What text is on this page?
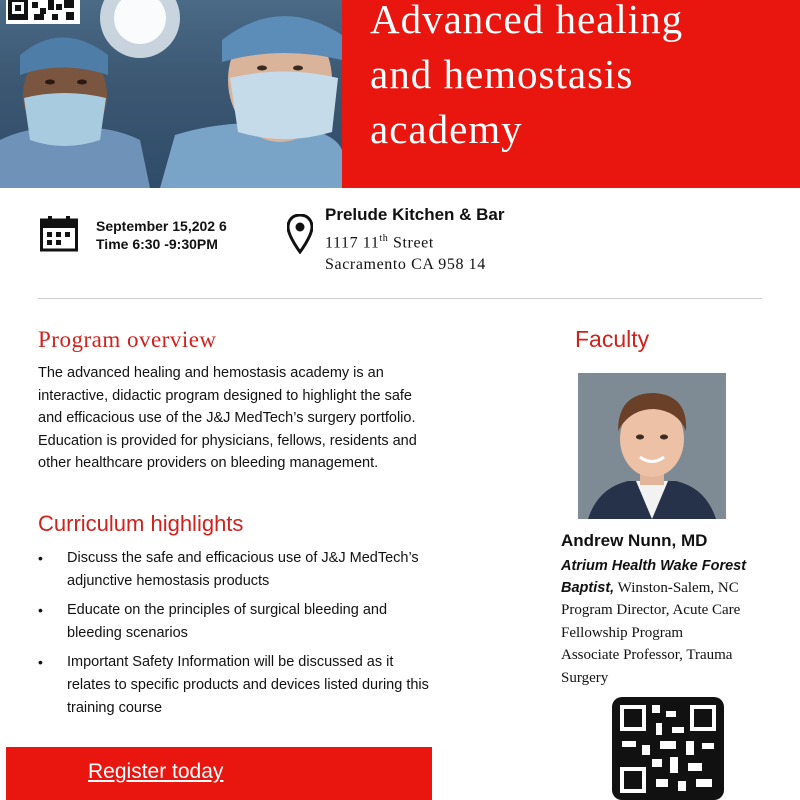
Advanced healing
and hemostasis
academy
September 15,202 6
Time 6:30 -9:30PM
Prelude Kitchen & Bar
1117 11th Street
Sacramento CA 958 14
Program overview
The advanced healing and hemostasis academy is an interactive, didactic program designed to highlight the safe and efficacious use of the J&J MedTech’s surgery portfolio. Education is provided for physicians, fellows, residents and other healthcare providers on bleeding management.
Curriculum highlights
• Discuss the safe and efficacious use of J&J MedTech’s adjunctive hemostasis products
• Educate on the principles of surgical bleeding and bleeding scenarios
• Important Safety Information will be discussed as it relates to specific products and devices listed during this training course
Register today
Faculty
Andrew Nunn, MD
Atrium Health Wake Forest Baptist, Winston-Salem, NC
Program Director, Acute Care
Fellowship Program
Associate Professor, Trauma
Surgery
